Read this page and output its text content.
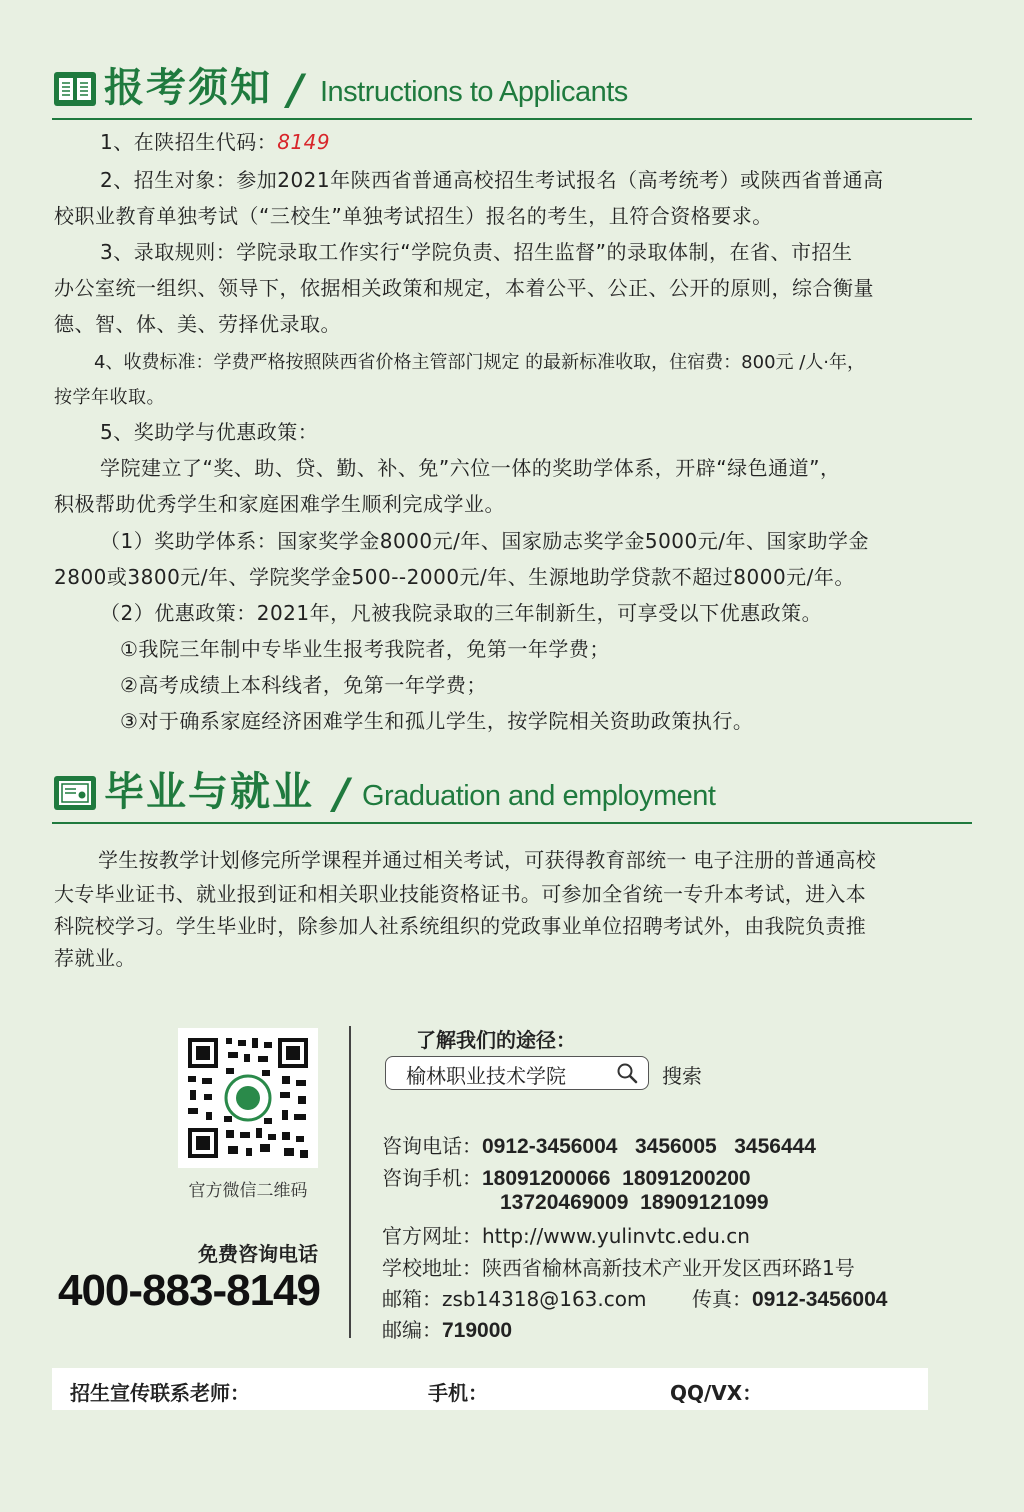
报考须知 / Instructions to Applicants
1、在陕招生代码：8149
2、招生对象：参加2021年陕西省普通高校招生考试报名（高考统考）或陕西省普通高
校职业教育单独考试（“三校生”单独考试招生）报名的考生，且符合资格要求。
3、录取规则：学院录取工作实行“学院负责、招生监督”的录取体制，在省、市招生
办公室统一组织、领导下，依据相关政策和规定，本着公平、公正、公开的原则，综合衡量
德、智、体、美、劳择优录取。
4、收费标准：学费严格按照陕西省价格主管部门规定 的最新标准收取，住宿费：800元 /人·年，
按学年收取。
5、奖助学与优惠政策：
学院建立了“奖、助、贷、勤、补、免”六位一体的奖助学体系，开辟“绿色通道”，
积极帮助优秀学生和家庭困难学生顺利完成学业。
（1）奖助学体系：国家奖学金8000元/年、国家励志奖学金5000元/年、国家助学金
2800或3800元/年、学院奖学金500--2000元/年、生源地助学贷款不超过8000元/年。
（2）优惠政策：2021年，凡被我院录取的三年制新生，可享受以下优惠政策。
①我院三年制中专毕业生报考我院者，免第一年学费；
②高考成绩上本科线者，免第一年学费；
③对于确系家庭经济困难学生和孤儿学生，按学院相关资助政策执行。
毕业与就业 / Graduation and employment
学生按教学计划修完所学课程并通过相关考试，可获得教育部统一 电子注册的普通高校
大专毕业证书、就业报到证和相关职业技能资格证书。可参加全省统一专升本考试，进入本
科院校学习。学生毕业时，除参加人社系统组织的党政事业单位招聘考试外，由我院负责推
荐就业。
官方微信二维码
免费咨询电话
400-883-8149
了解我们的途径：
榆林职业技术学院	搜索
咨询电话：0912-3456004   3456005   3456444
咨询手机：18091200066  18091200200
13720469009  18909121099
官方网址：http://www.yulinvtc.edu.cn
学校地址：陕西省榆林高新技术产业开发区西环路1号
邮箱：zsb14318@163.com 传真：0912-3456004
邮编：719000
招生宣传联系老师：	手机：	QQ/VX：
